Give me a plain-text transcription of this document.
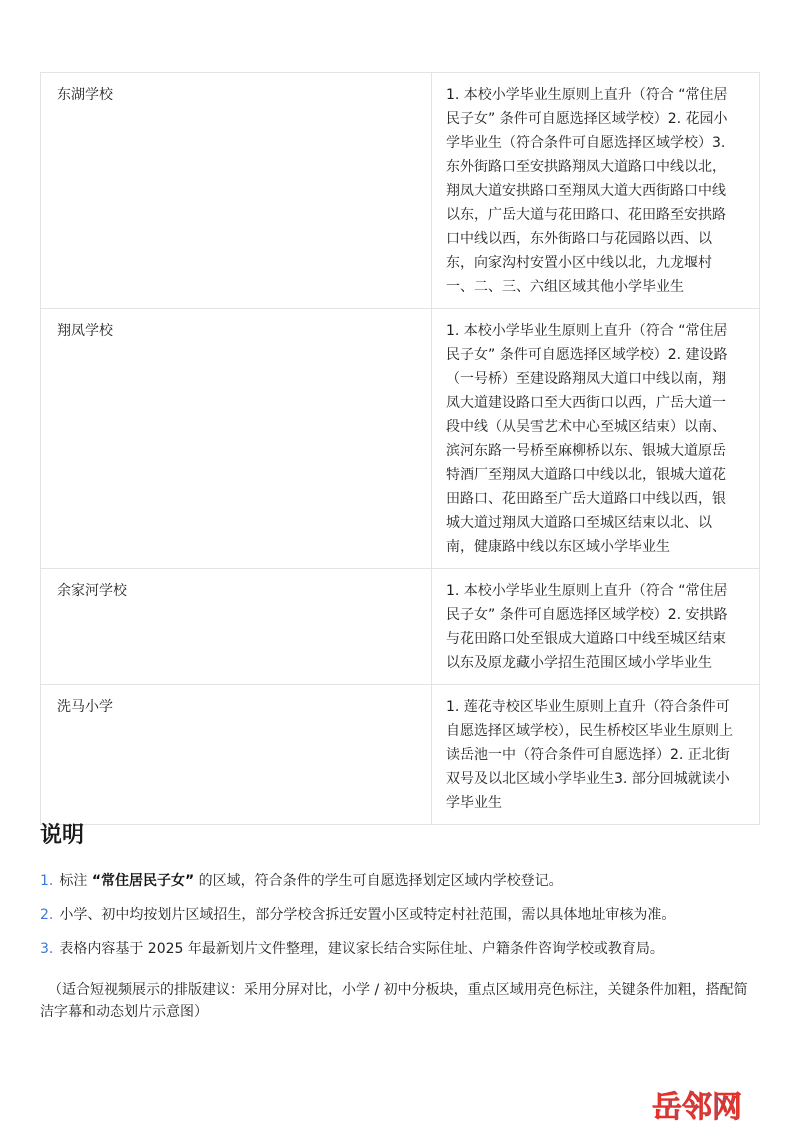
东湖学校	1. 本校小学毕业生原则上直升（符合 “常住居民子女” 条件可自愿选择区域学校）2. 花园小学毕业生（符合条件可自愿选择区域学校）3. 东外街路口至安拱路翔凤大道路口中线以北，翔凤大道安拱路口至翔凤大道大西街路口中线以东，广岳大道与花田路口、花田路至安拱路口中线以西，东外街路口与花园路以西、以东，向家沟村安置小区中线以北，九龙堰村一、二、三、六组区域其他小学毕业生
翔凤学校	1. 本校小学毕业生原则上直升（符合 “常住居民子女” 条件可自愿选择区域学校）2. 建设路（一号桥）至建设路翔凤大道口中线以南，翔凤大道建设路口至大西街口以西，广岳大道一段中线（从吴雪艺术中心至城区结束）以南、滨河东路一号桥至麻柳桥以东、银城大道原岳特酒厂至翔凤大道路口中线以北，银城大道花田路口、花田路至广岳大道路口中线以西，银城大道过翔凤大道路口至城区结束以北、以南，健康路中线以东区域小学毕业生
余家河学校	1. 本校小学毕业生原则上直升（符合 “常住居民子女” 条件可自愿选择区域学校）2. 安拱路与花田路口处至银成大道路口中线至城区结束以东及原龙藏小学招生范围区域小学毕业生
洗马小学	1. 莲花寺校区毕业生原则上直升（符合条件可自愿选择区域学校），民生桥校区毕业生原则上读岳池一中（符合条件可自愿选择）2. 正北街双号及以北区域小学毕业生3. 部分回城就读小学毕业生
说明
1. 标注 “常住居民子女” 的区域，符合条件的学生可自愿选择划定区域内学校登记。
2. 小学、初中均按划片区域招生，部分学校含拆迁安置小区或特定村社范围，需以具体地址审核为准。
3. 表格内容基于 2025 年最新划片文件整理，建议家长结合实际住址、户籍条件咨询学校或教育局。

（适合短视频展示的排版建议：采用分屏对比，小学 / 初中分板块，重点区域用亮色标注，关键条件加粗，搭配简洁字幕和动态划片示意图）

岳邻网
